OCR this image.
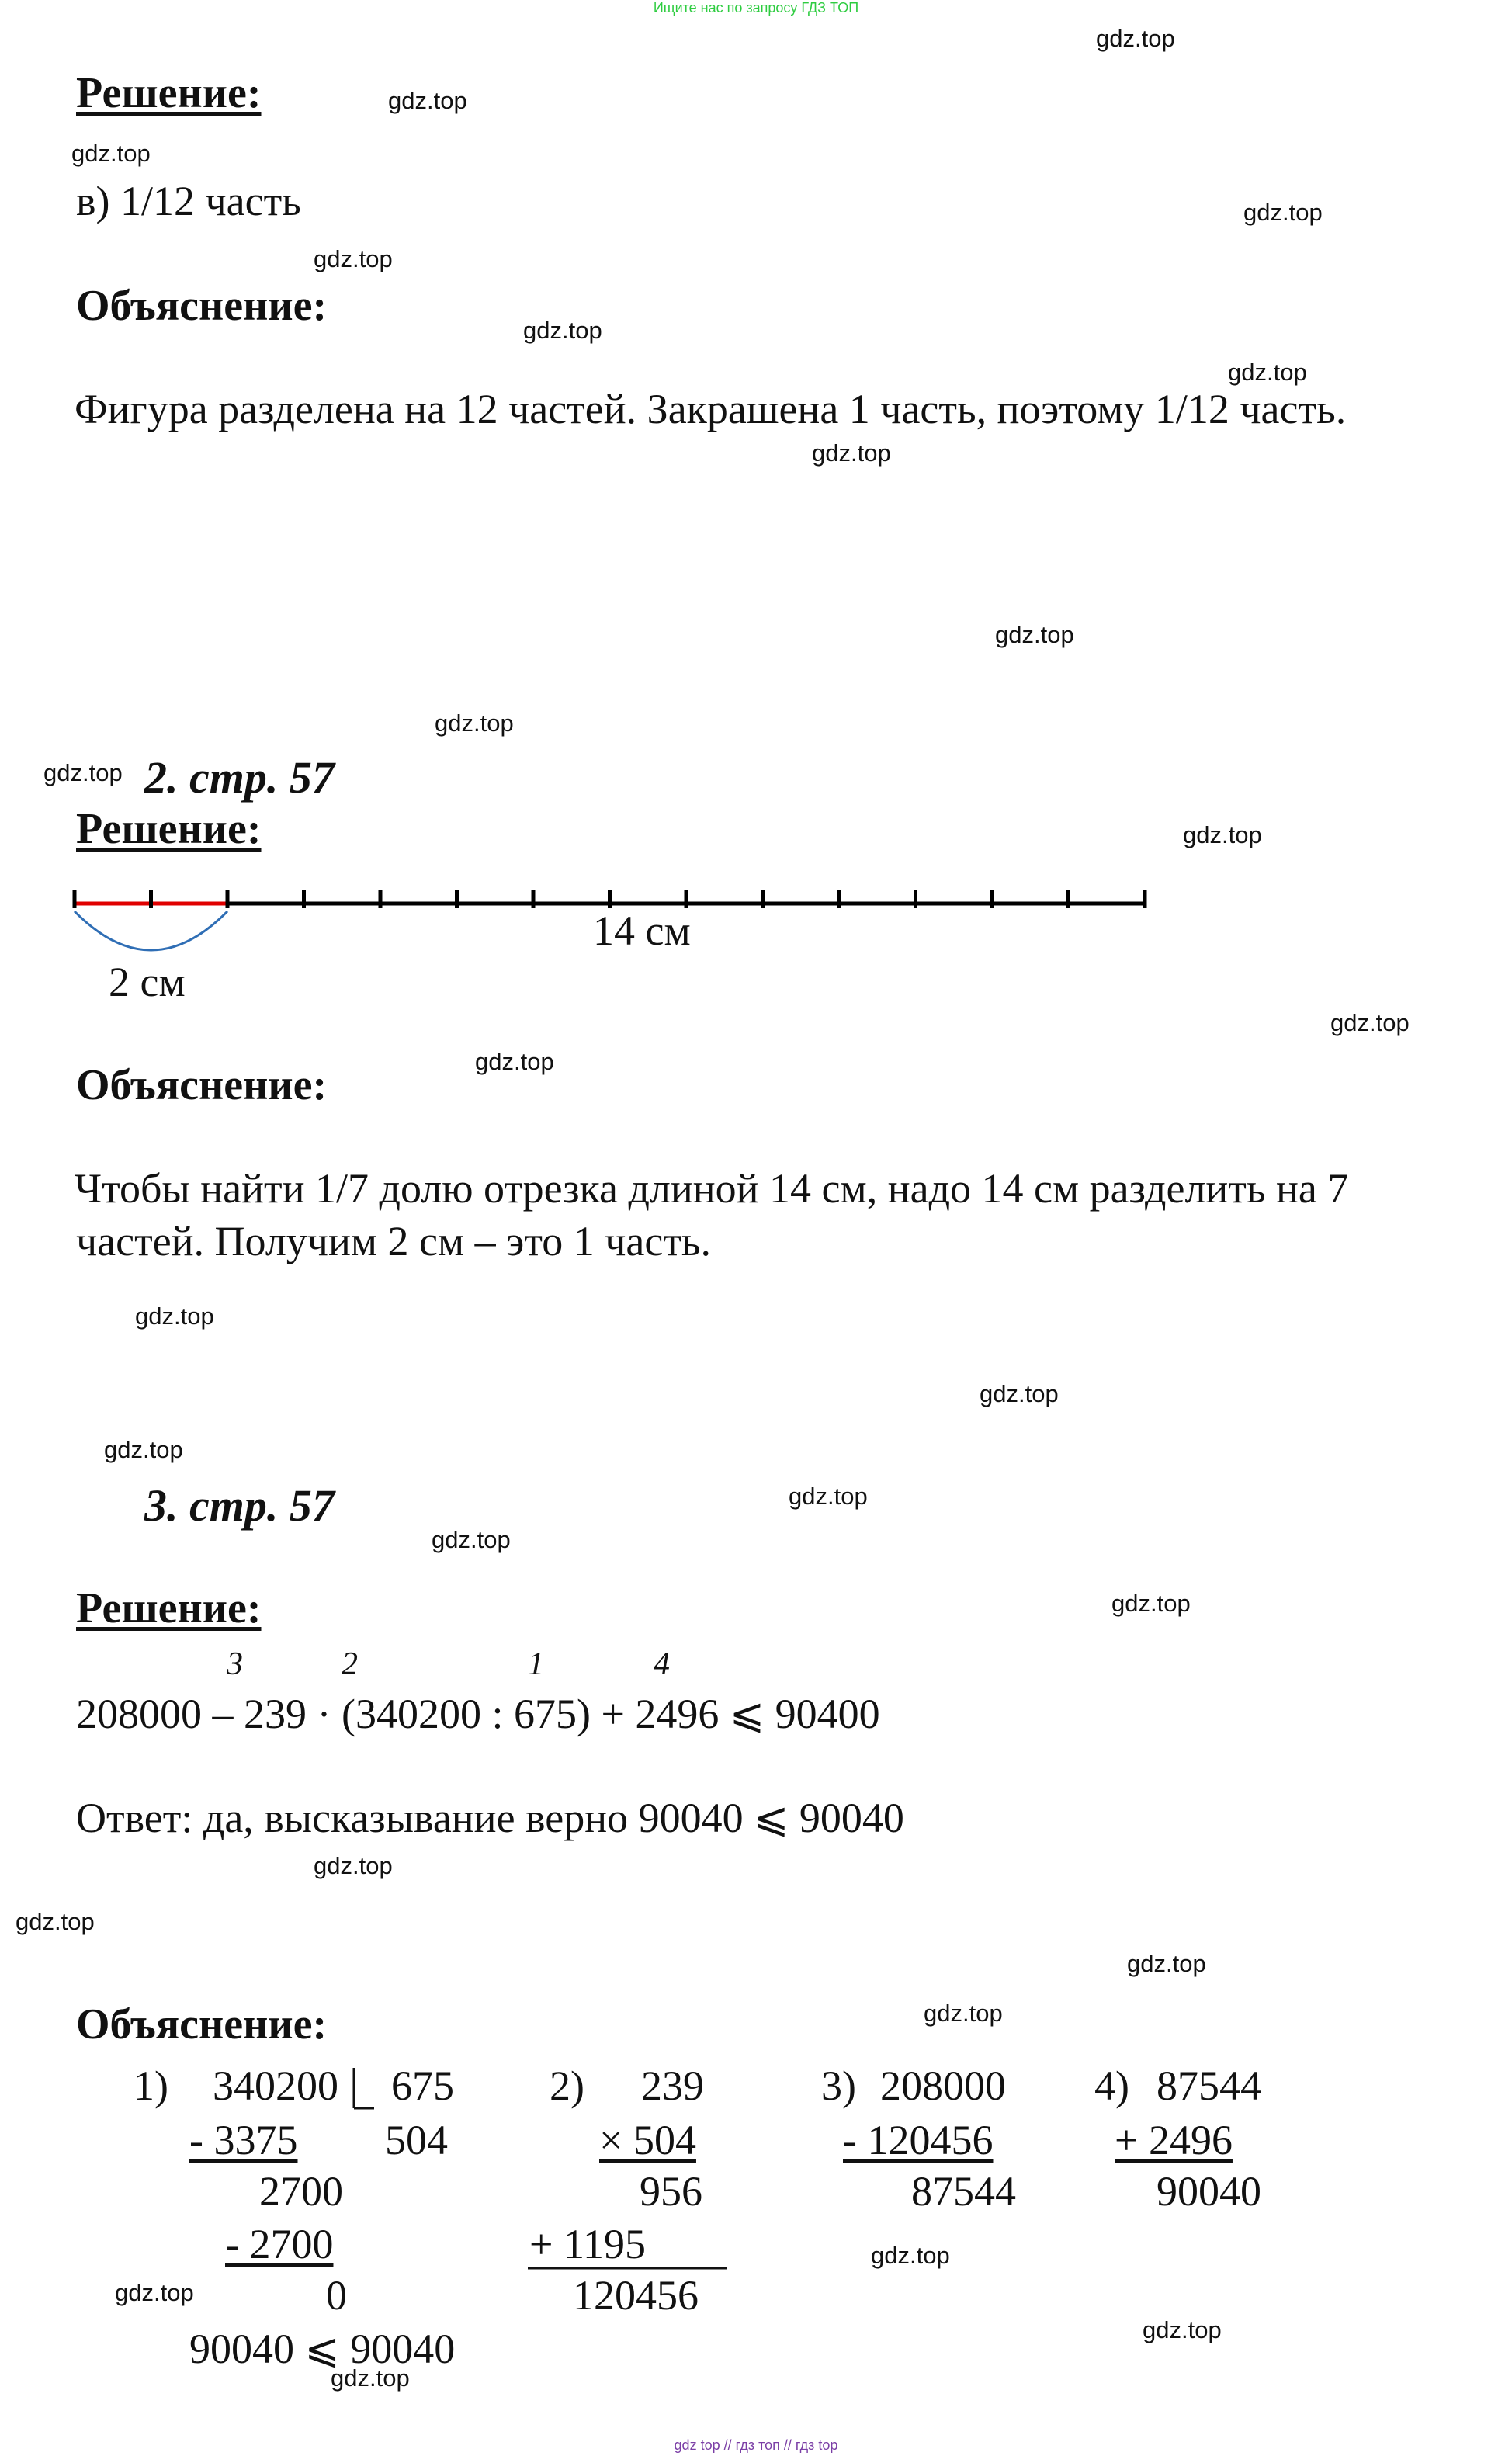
Ищите нас по запросу ГДЗ ТОП
Решение:
в) 1/12 часть
Объяснение:
Фигура разделена на 12 частей. Закрашена 1 часть, поэтому 1/12 часть.
2. стр. 57
Решение:
14 см
2 см
Объяснение:
Чтобы найти 1/7 долю отрезка длиной 14 см, надо 14 см разделить на 7
частей. Получим 2 см – это 1 часть.
3. стр. 57
Решение:
3	2	1	4
208000 – 239 · (340200 : 675) + 2496 ⩽ 90400
Ответ: да, высказывание верно 90040 ⩽ 90040
Объяснение:
1) 340200 675
- 3375 504
2700
- 2700
0
90040 ⩽ 90040
2) 239
× 504
956
+ 1195
120456
3) 208000
- 120456
87544
4) 87544
+ 2496
90040
gdz.top
gdz.top
gdz.top
gdz.top
gdz.top
gdz.top
gdz.top
gdz.top
gdz.top
gdz.top
gdz.top
gdz.top
gdz.top
gdz.top
gdz.top
gdz.top
gdz.top
gdz.top
gdz.top
gdz.top
gdz.top
gdz.top
gdz.top
gdz.top
gdz.top
gdz.top
gdz.top
gdz.top
gdz top // гдз топ // гдз top
